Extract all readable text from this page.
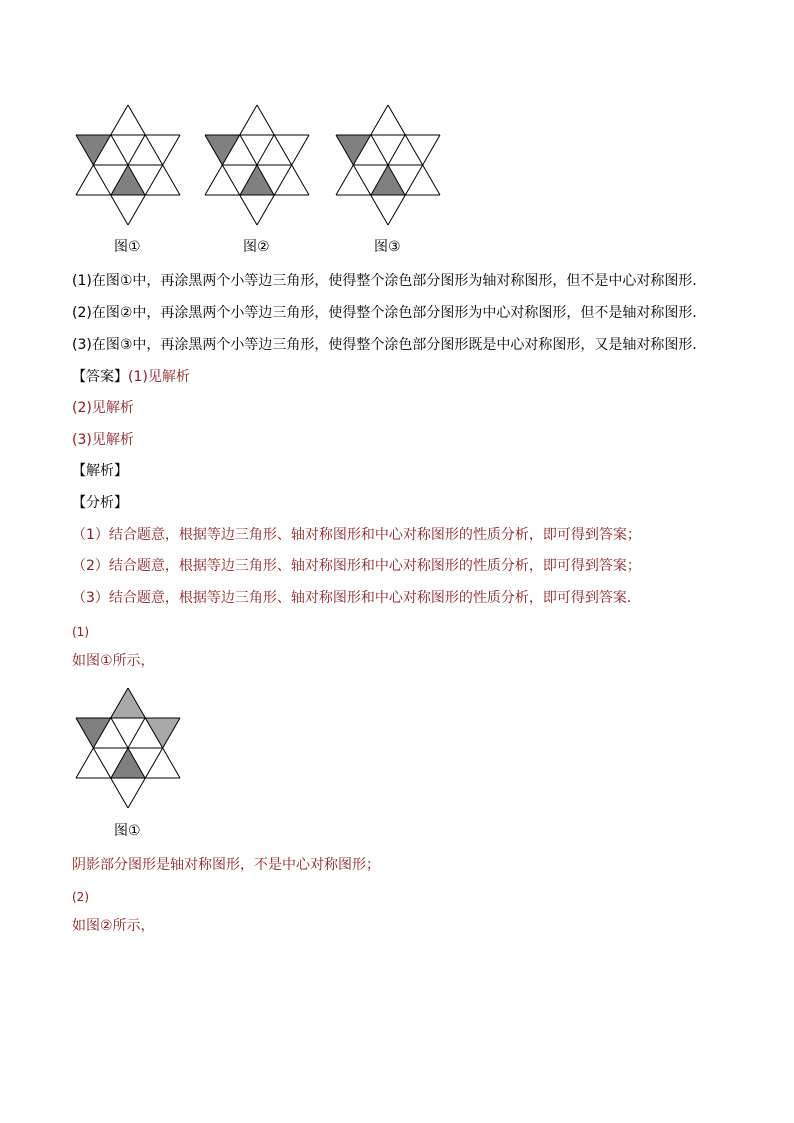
图①	图②	图③
(1)在图①中，再涂黑两个小等边三角形，使得整个涂色部分图形为轴对称图形，但不是中心对称图形．
(2)在图②中，再涂黑两个小等边三角形，使得整个涂色部分图形为中心对称图形，但不是轴对称图形．
(3)在图③中，再涂黑两个小等边三角形，使得整个涂色部分图形既是中心对称图形，又是轴对称图形．
【答案】(1)见解析
(2)见解析
(3)见解析
【解析】
【分析】
（1）结合题意，根据等边三角形、轴对称图形和中心对称图形的性质分析，即可得到答案；
（2）结合题意，根据等边三角形、轴对称图形和中心对称图形的性质分析，即可得到答案；
（3）结合题意，根据等边三角形、轴对称图形和中心对称图形的性质分析，即可得到答案．
(1)
如图①所示，
图①
阴影部分图形是轴对称图形，不是中心对称图形；
(2)
如图②所示，
